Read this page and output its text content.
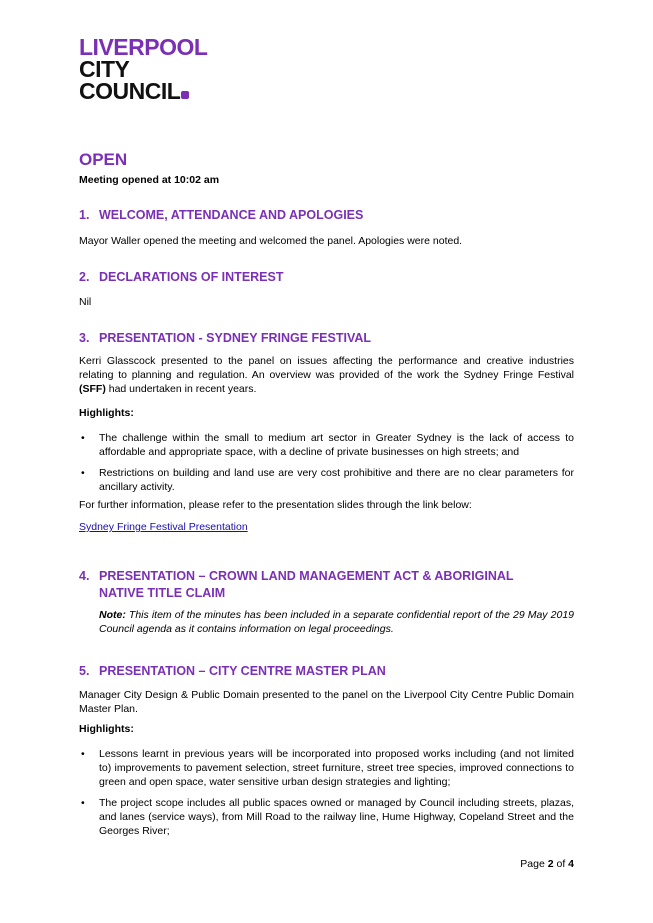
LIVERPOOL
CITY
COUNCIL
OPEN
Meeting opened at 10:02 am
1. WELCOME, ATTENDANCE AND APOLOGIES
Mayor Waller opened the meeting and welcomed the panel. Apologies were noted.
2. DECLARATIONS OF INTEREST
Nil
3. PRESENTATION - SYDNEY FRINGE FESTIVAL
Kerri Glasscock presented to the panel on issues affecting the performance and creative industries relating to planning and regulation. An overview was provided of the work the Sydney Fringe Festival (SFF) had undertaken in recent years.
Highlights:
• The challenge within the small to medium art sector in Greater Sydney is the lack of access to affordable and appropriate space, with a decline of private businesses on high streets; and
• Restrictions on building and land use are very cost prohibitive and there are no clear parameters for ancillary activity.
For further information, please refer to the presentation slides through the link below:
Sydney Fringe Festival Presentation
4. PRESENTATION – CROWN LAND MANAGEMENT ACT & ABORIGINAL
NATIVE TITLE CLAIM
Note: This item of the minutes has been included in a separate confidential report of the 29 May 2019 Council agenda as it contains information on legal proceedings.
5. PRESENTATION – CITY CENTRE MASTER PLAN
Manager City Design & Public Domain presented to the panel on the Liverpool City Centre Public Domain Master Plan.
Highlights:
• Lessons learnt in previous years will be incorporated into proposed works including (and not limited to) improvements to pavement selection, street furniture, street tree species, improved connections to green and open space, water sensitive urban design strategies and lighting;
• The project scope includes all public spaces owned or managed by Council including streets, plazas, and lanes (service ways), from Mill Road to the railway line, Hume Highway, Copeland Street and the Georges River;
Page 2 of 4
